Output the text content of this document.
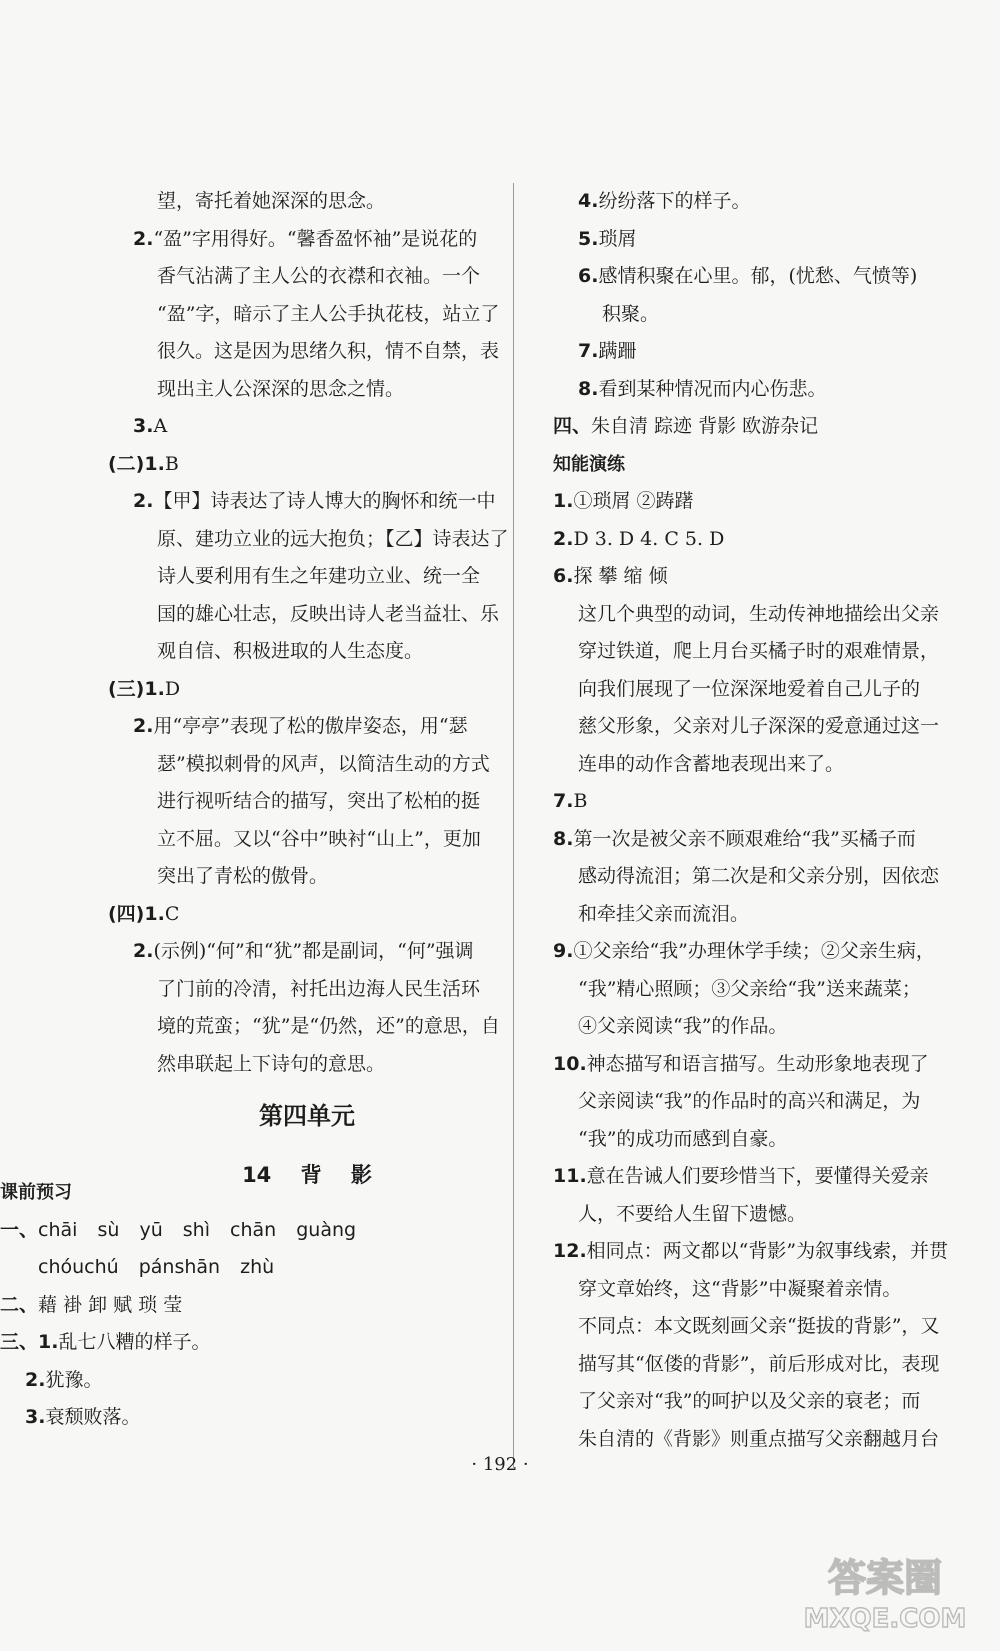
望，寄托着她深深的思念。
2.“盈”字用得好。“馨香盈怀袖”是说花的
香气沾满了主人公的衣襟和衣袖。一个
“盈”字，暗示了主人公手执花枝，站立了
很久。这是因为思绪久积，情不自禁，表
现出主人公深深的思念之情。
3.A
(二)1.B
2.【甲】诗表达了诗人博大的胸怀和统一中
原、建功立业的远大抱负；【乙】诗表达了
诗人要利用有生之年建功立业、统一全
国的雄心壮志，反映出诗人老当益壮、乐
观自信、积极进取的人生态度。
(三)1.D
2.用“亭亭”表现了松的傲岸姿态，用“瑟
瑟”模拟刺骨的风声，以简洁生动的方式
进行视听结合的描写，突出了松柏的挺
立不屈。又以“谷中”映衬“山上”，更加
突出了青松的傲骨。
(四)1.C
2.(示例)“何”和“犹”都是副词，“何”强调
了门前的冷清，衬托出边海人民生活环
境的荒蛮；“犹”是“仍然，还”的意思，自
然串联起上下诗句的意思。
第四单元
14 背 影
课前预习
一、chāi sù yū shì chān guàng
chóuchú pánshān zhù
二、藉 褂 卸 赋 琐 莹
三、1.乱七八糟的样子。
2.犹豫。
3.衰颓败落。
4.纷纷落下的样子。
5.琐屑
6.感情积聚在心里。郁，(忧愁、气愤等)
积聚。
7.蹒跚
8.看到某种情况而内心伤悲。
四、朱自清 踪迹 背影 欧游杂记
知能演练
1.①琐屑 ②踌躇
2.D 3. D 4. C 5. D
6.探 攀 缩 倾
这几个典型的动词，生动传神地描绘出父亲
穿过铁道，爬上月台买橘子时的艰难情景，
向我们展现了一位深深地爱着自己儿子的
慈父形象，父亲对儿子深深的爱意通过这一
连串的动作含蓄地表现出来了。
7.B
8.第一次是被父亲不顾艰难给“我”买橘子而
感动得流泪；第二次是和父亲分别，因依恋
和牵挂父亲而流泪。
9.①父亲给“我”办理休学手续；②父亲生病，
“我”精心照顾；③父亲给“我”送来蔬菜；
④父亲阅读“我”的作品。
10.神态描写和语言描写。生动形象地表现了
父亲阅读“我”的作品时的高兴和满足，为
“我”的成功而感到自豪。
11.意在告诫人们要珍惜当下，要懂得关爱亲
人，不要给人生留下遗憾。
12.相同点：两文都以“背影”为叙事线索，并贯
穿文章始终，这“背影”中凝聚着亲情。
不同点：本文既刻画父亲“挺拔的背影”，又
描写其“伛偻的背影”，前后形成对比，表现
了父亲对“我”的呵护以及父亲的衰老；而
朱自清的《背影》则重点描写父亲翻越月台
· 192 ·
答案圈
MXQE.COM
